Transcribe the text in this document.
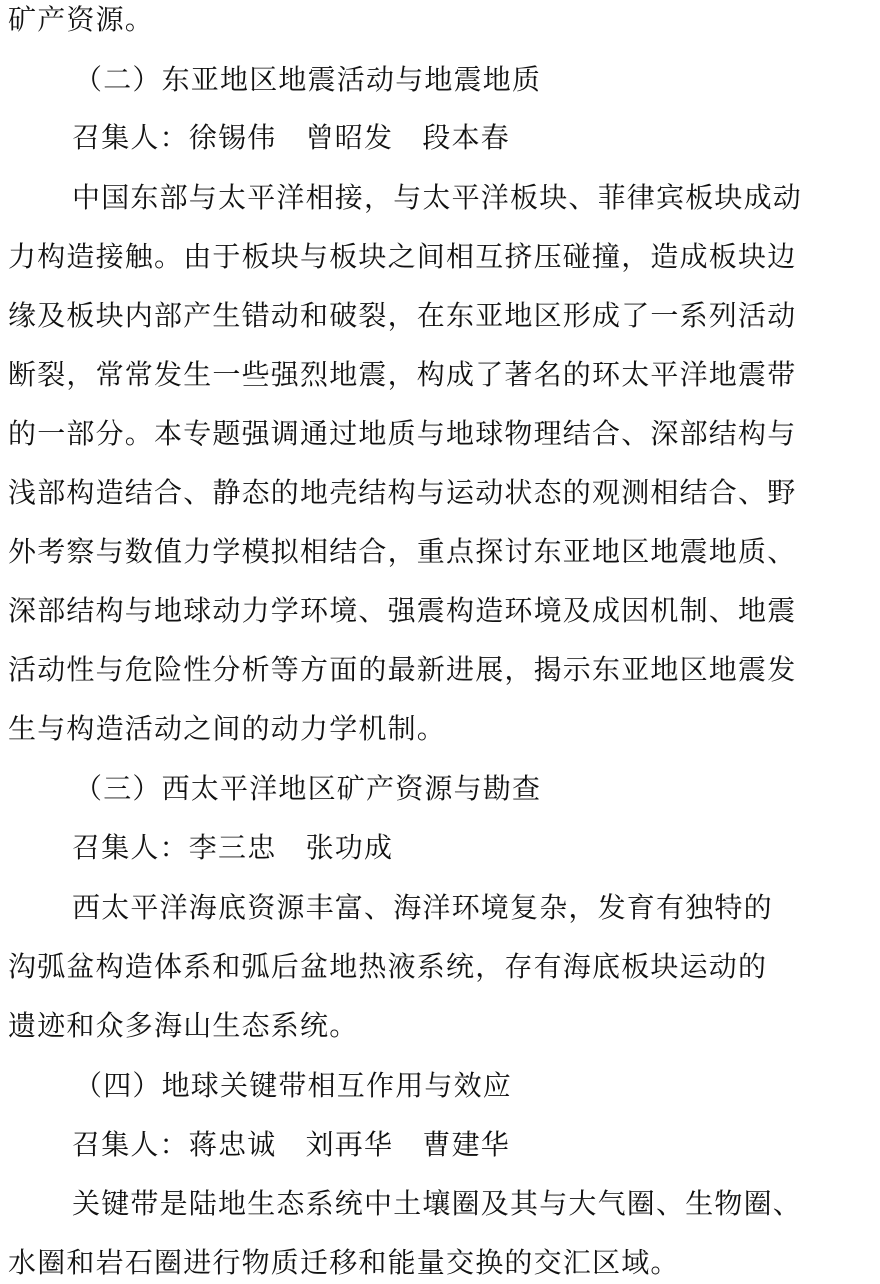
矿产资源。
（二）东亚地区地震活动与地震地质
召集人：徐锡伟　曾昭发　段本春
中国东部与太平洋相接，与太平洋板块、菲律宾板块成动
力构造接触。由于板块与板块之间相互挤压碰撞，造成板块边
缘及板块内部产生错动和破裂，在东亚地区形成了一系列活动
断裂，常常发生一些强烈地震，构成了著名的环太平洋地震带
的一部分。本专题强调通过地质与地球物理结合、深部结构与
浅部构造结合、静态的地壳结构与运动状态的观测相结合、野
外考察与数值力学模拟相结合，重点探讨东亚地区地震地质、
深部结构与地球动力学环境、强震构造环境及成因机制、地震
活动性与危险性分析等方面的最新进展，揭示东亚地区地震发
生与构造活动之间的动力学机制。
（三）西太平洋地区矿产资源与勘查
召集人：李三忠　张功成
西太平洋海底资源丰富、海洋环境复杂，发育有独特的
沟弧盆构造体系和弧后盆地热液系统，存有海底板块运动的
遗迹和众多海山生态系统。
（四）地球关键带相互作用与效应
召集人：蒋忠诚　刘再华　曹建华
关键带是陆地生态系统中土壤圈及其与大气圈、生物圈、
水圈和岩石圈进行物质迁移和能量交换的交汇区域。
